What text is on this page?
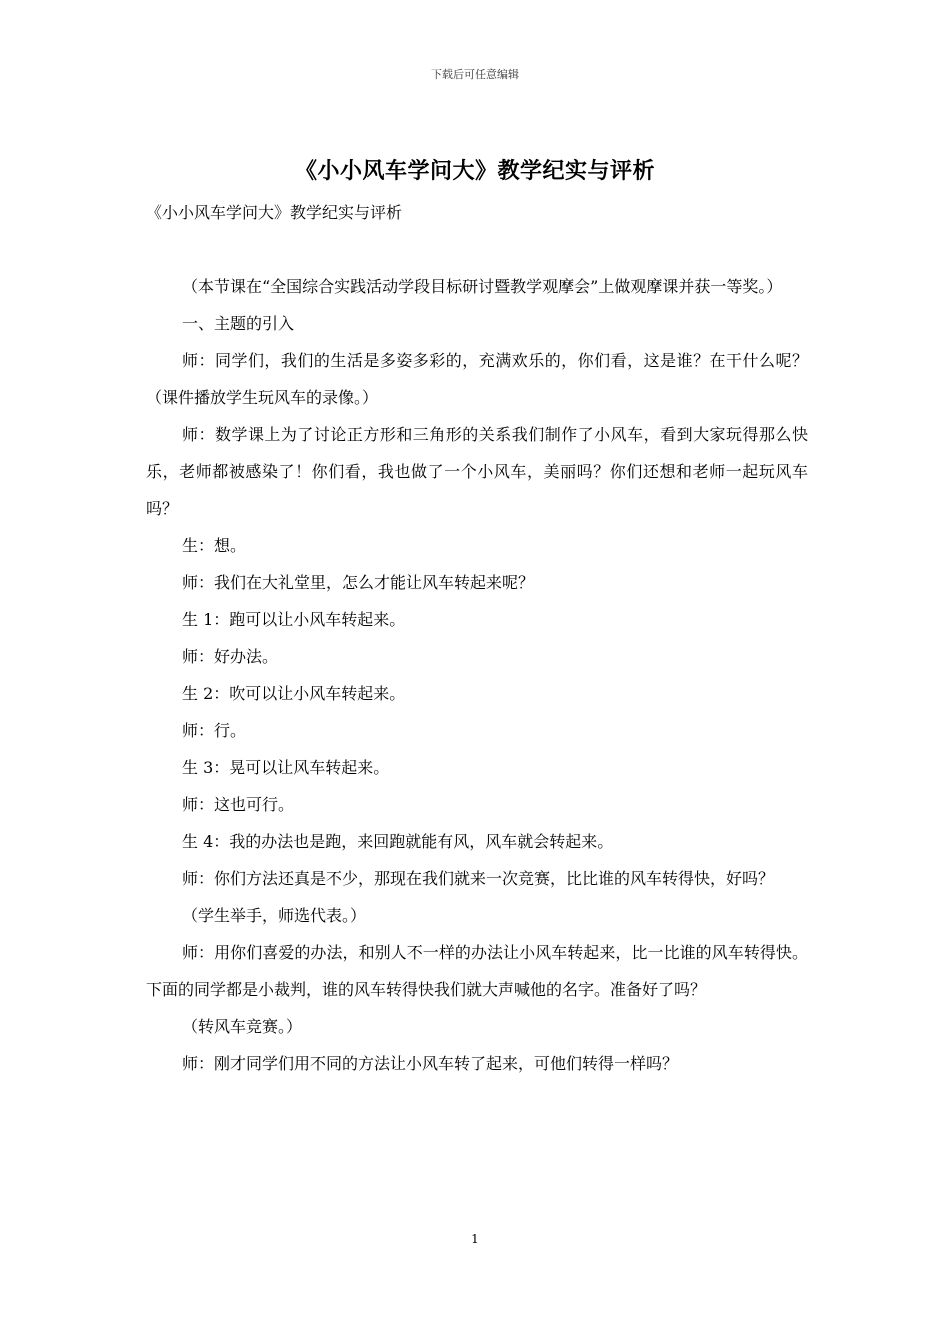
下载后可任意编辑
《小小风车学问大》教学纪实与评析
《小小风车学问大》教学纪实与评析

（本节课在“全国综合实践活动学段目标研讨暨教学观摩会”上做观摩课并获一等奖。）

一、主题的引入

师：同学们，我们的生活是多姿多彩的，充满欢乐的，你们看，这是谁？在干什么呢？（课件播放学生玩风车的录像。）

师：数学课上为了讨论正方形和三角形的关系我们制作了小风车，看到大家玩得那么快乐，老师都被感染了！你们看，我也做了一个小风车，美丽吗？你们还想和老师一起玩风车吗？

生：想。

师：我们在大礼堂里，怎么才能让风车转起来呢？

生 1：跑可以让小风车转起来。

师：好办法。

生 2：吹可以让小风车转起来。

师：行。

生 3：晃可以让风车转起来。

师：这也可行。

生 4：我的办法也是跑，来回跑就能有风，风车就会转起来。

师：你们方法还真是不少，那现在我们就来一次竞赛，比比谁的风车转得快，好吗？

（学生举手，师选代表。）

师：用你们喜爱的办法，和别人不一样的办法让小风车转起来，比一比谁的风车转得快。下面的同学都是小裁判，谁的风车转得快我们就大声喊他的名字。准备好了吗？

（转风车竞赛。）

师：刚才同学们用不同的方法让小风车转了起来，可他们转得一样吗？

1
